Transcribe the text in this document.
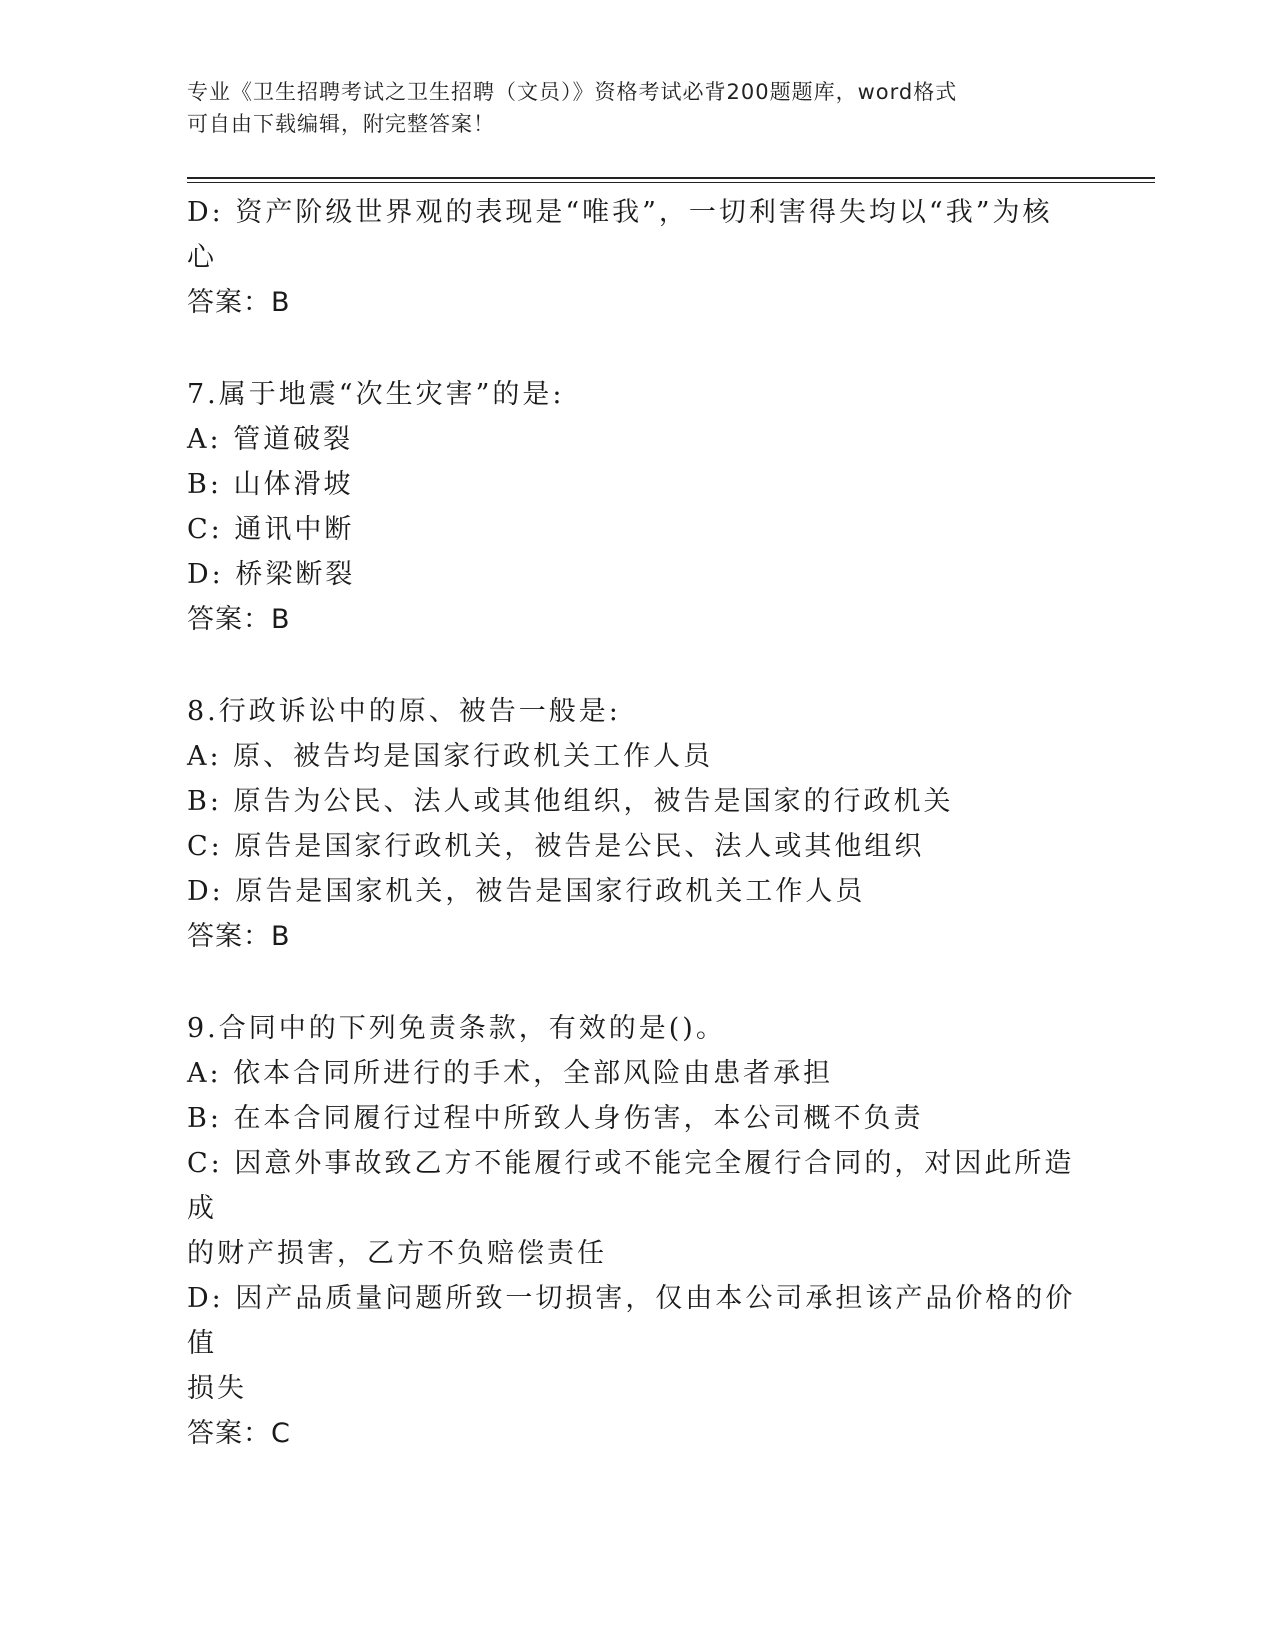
专业《卫生招聘考试之卫生招聘（文员）》资格考试必背200题题库，word格式
可自由下载编辑，附完整答案！
D: 资产阶级世界观的表现是“唯我”，一切利害得失均以“我”为核
心
答案：B
7.属于地震“次生灾害”的是:
A: 管道破裂
B: 山体滑坡
C: 通讯中断
D: 桥梁断裂
答案：B
8.行政诉讼中的原、被告一般是:
A: 原、被告均是国家行政机关工作人员
B: 原告为公民、法人或其他组织，被告是国家的行政机关
C: 原告是国家行政机关，被告是公民、法人或其他组织
D: 原告是国家机关，被告是国家行政机关工作人员
答案：B
9.合同中的下列免责条款，有效的是()。
A: 依本合同所进行的手术，全部风险由患者承担
B: 在本合同履行过程中所致人身伤害，本公司概不负责
C: 因意外事故致乙方不能履行或不能完全履行合同的，对因此所造成
的财产损害，乙方不负赔偿责任
D: 因产品质量问题所致一切损害，仅由本公司承担该产品价格的价值
损失
答案：C
